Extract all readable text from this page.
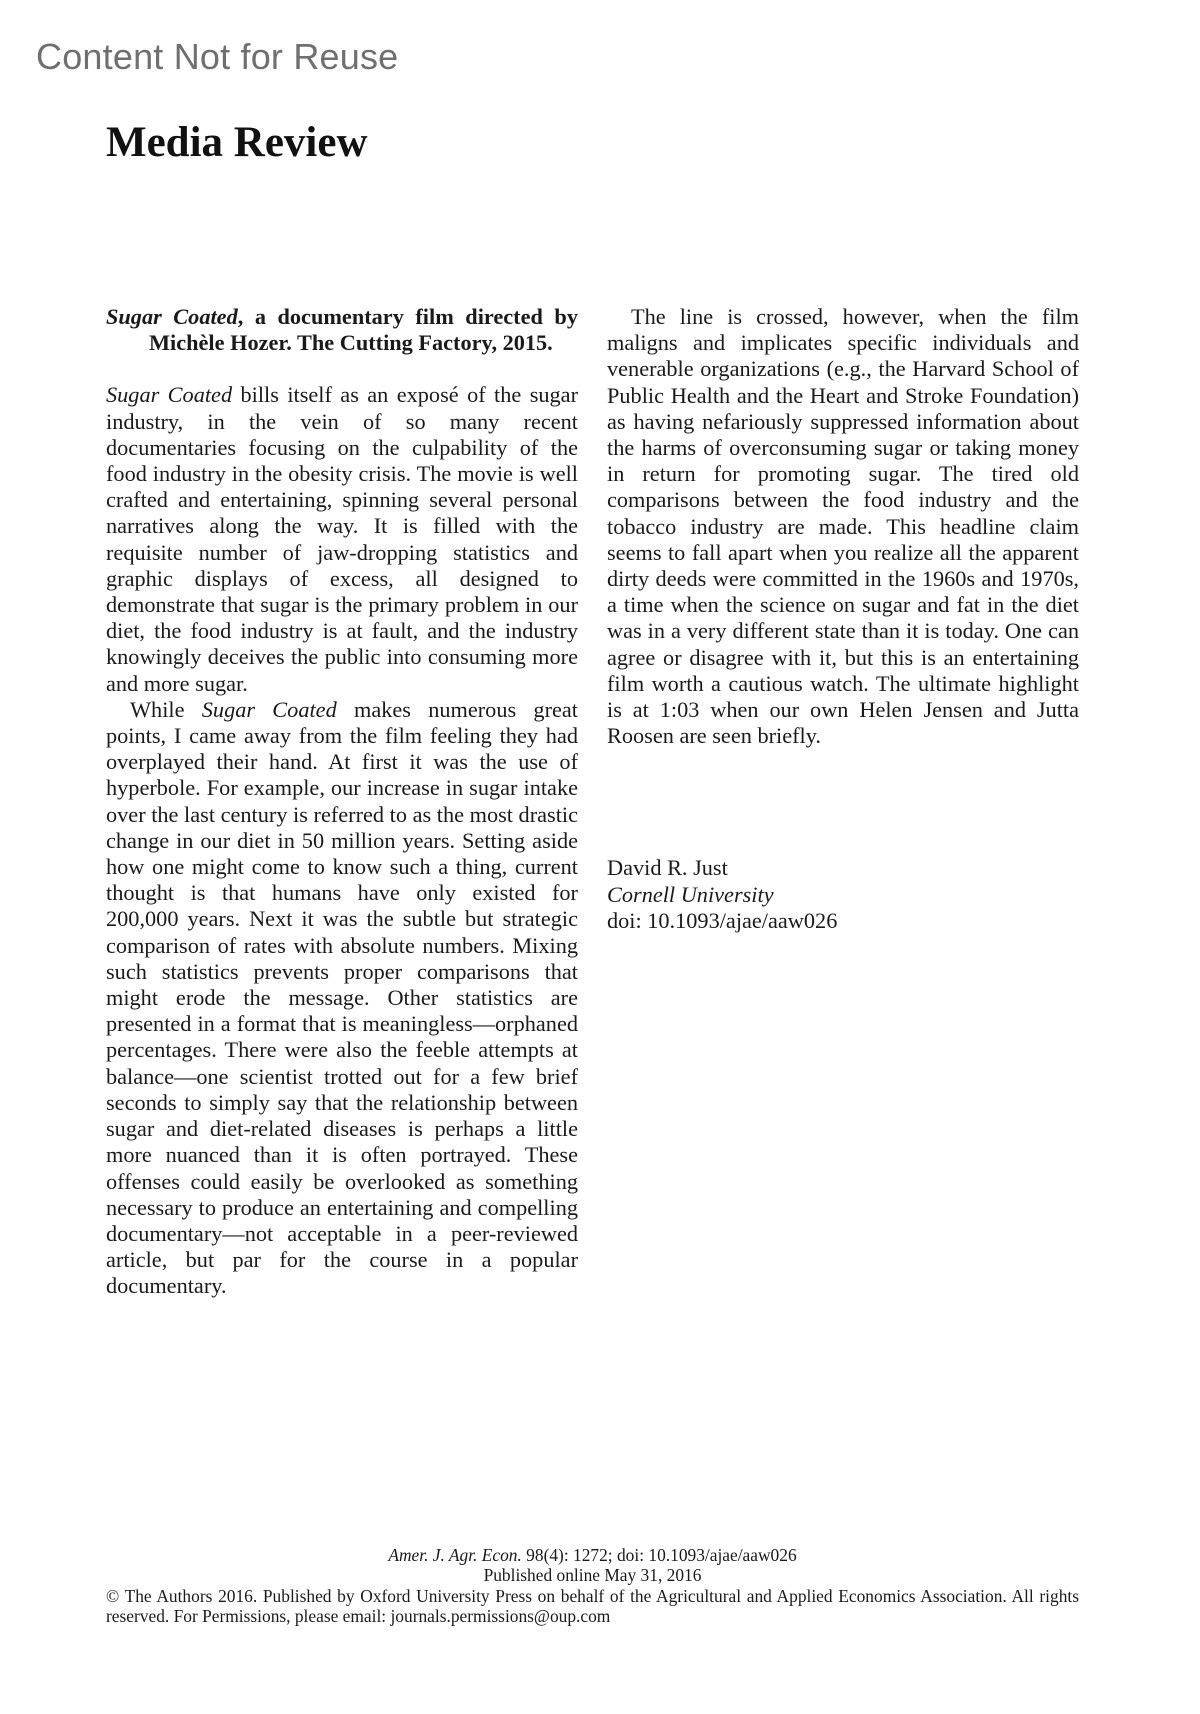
Content Not for Reuse
Media Review

Sugar Coated, a documentary film directed by Michèle Hozer. The Cutting Factory, 2015.

Sugar Coated bills itself as an exposé of the sugar industry, in the vein of so many recent documentaries focusing on the culpability of the food industry in the obesity crisis. The movie is well crafted and entertaining, spinning several personal narratives along the way. It is filled with the requisite number of jaw-dropping statistics and graphic displays of excess, all designed to demonstrate that sugar is the primary problem in our diet, the food industry is at fault, and the industry knowingly deceives the public into consuming more and more sugar.

While Sugar Coated makes numerous great points, I came away from the film feeling they had overplayed their hand. At first it was the use of hyperbole. For example, our increase in sugar intake over the last century is referred to as the most drastic change in our diet in 50 million years. Setting aside how one might come to know such a thing, current thought is that humans have only existed for 200,000 years. Next it was the subtle but strategic comparison of rates with absolute numbers. Mixing such statistics prevents proper comparisons that might erode the message. Other statistics are presented in a format that is meaningless—orphaned percentages. There were also the feeble attempts at balance—one scientist trotted out for a few brief seconds to simply say that the relationship between sugar and diet-related diseases is perhaps a little more nuanced than it is often portrayed. These offenses could easily be overlooked as something necessary to produce an entertaining and compelling documentary—not acceptable in a peer-reviewed article, but par for the course in a popular documentary.

The line is crossed, however, when the film maligns and implicates specific individuals and venerable organizations (e.g., the Harvard School of Public Health and the Heart and Stroke Foundation) as having nefariously suppressed information about the harms of overconsuming sugar or taking money in return for promoting sugar. The tired old comparisons between the food industry and the tobacco industry are made. This headline claim seems to fall apart when you realize all the apparent dirty deeds were committed in the 1960s and 1970s, a time when the science on sugar and fat in the diet was in a very different state than it is today. One can agree or disagree with it, but this is an entertaining film worth a cautious watch. The ultimate highlight is at 1:03 when our own Helen Jensen and Jutta Roosen are seen briefly.

David R. Just
Cornell University
doi: 10.1093/ajae/aaw026
Amer. J. Agr. Econ. 98(4): 1272; doi: 10.1093/ajae/aaw026
Published online May 31, 2016
© The Authors 2016. Published by Oxford University Press on behalf of the Agricultural and Applied Economics Association. All rights reserved. For Permissions, please email: journals.permissions@oup.com
